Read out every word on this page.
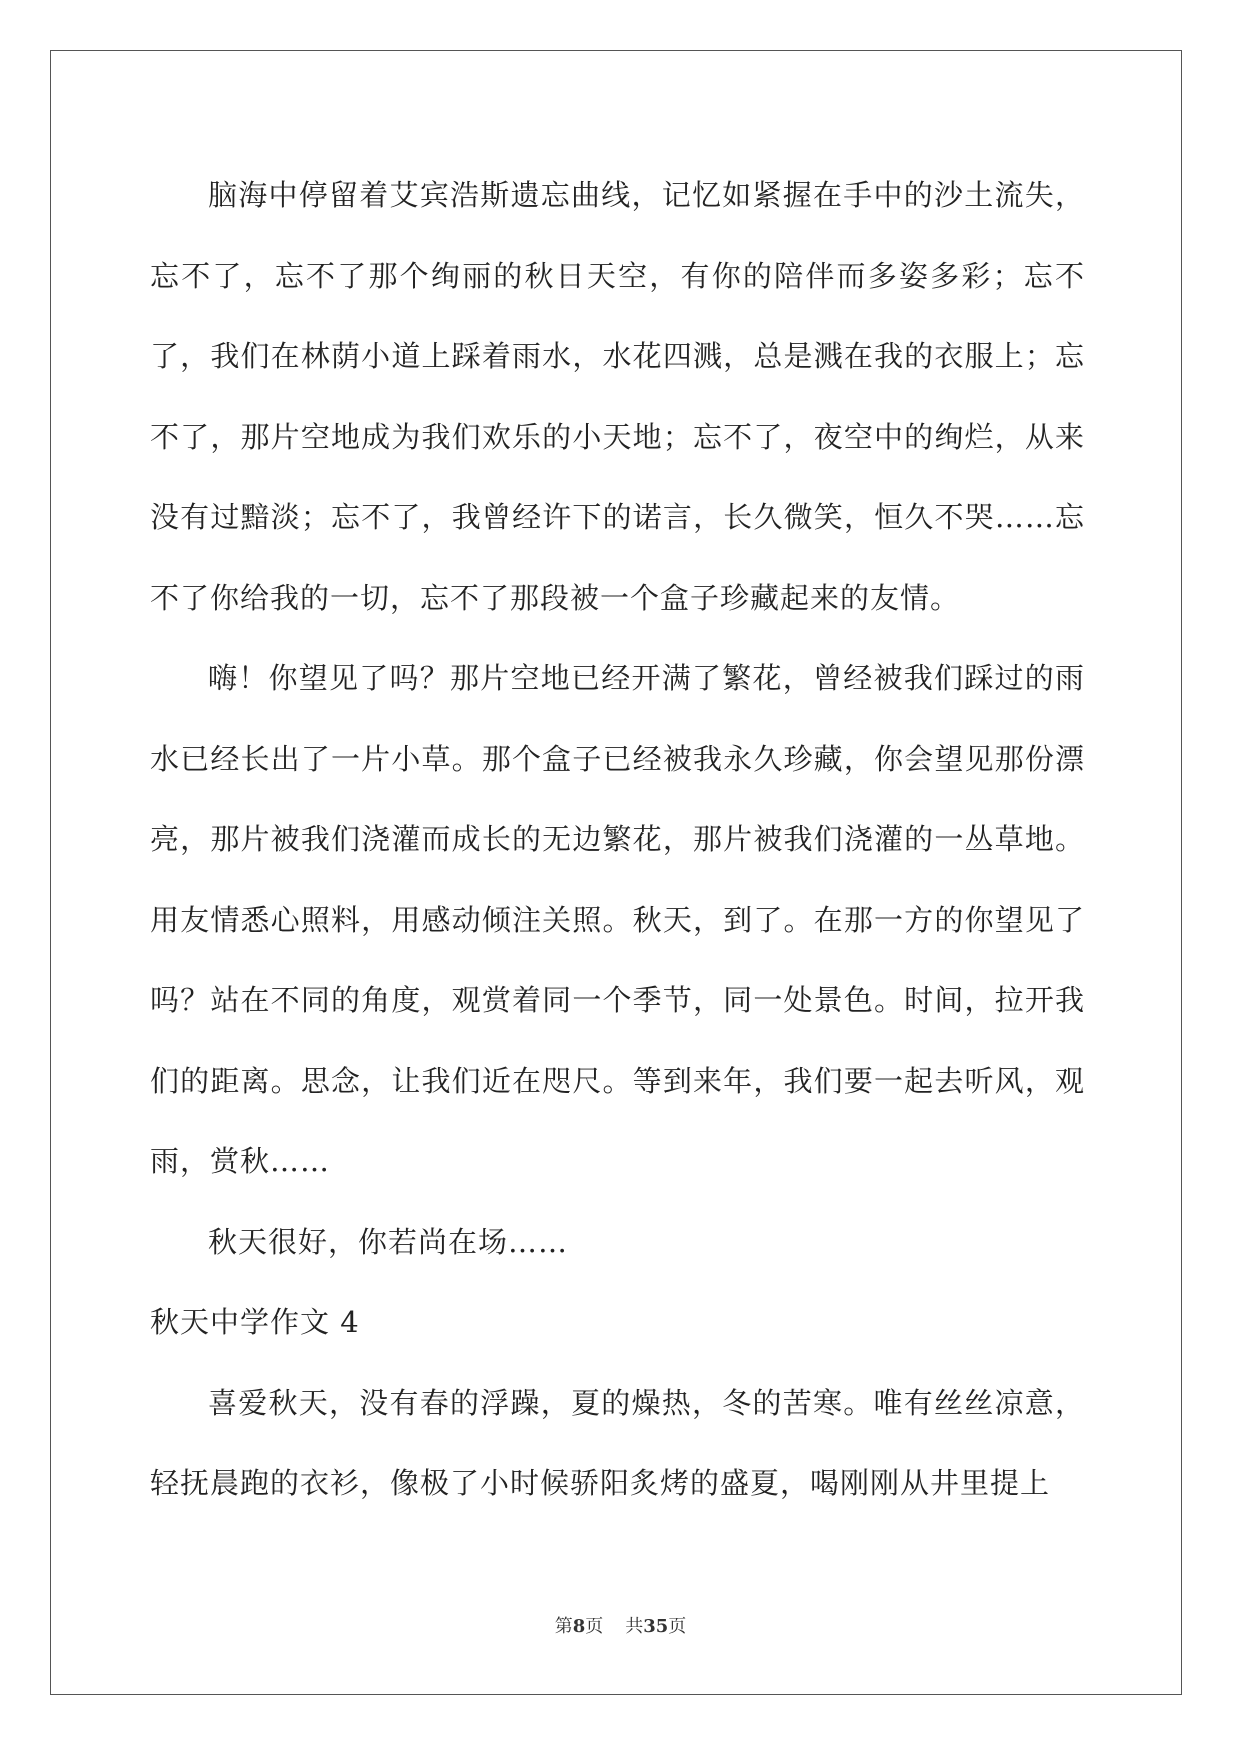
脑海中停留着艾宾浩斯遗忘曲线，记忆如紧握在手中的沙土流失，忘不了，忘不了那个绚丽的秋日天空，有你的陪伴而多姿多彩；忘不了，我们在林荫小道上踩着雨水，水花四溅，总是溅在我的衣服上；忘不了，那片空地成为我们欢乐的小天地；忘不了，夜空中的绚烂，从来没有过黯淡；忘不了，我曾经许下的诺言，长久微笑，恒久不哭……忘不了你给我的一切，忘不了那段被一个盒子珍藏起来的友情。

嗨！你望见了吗？那片空地已经开满了繁花，曾经被我们踩过的雨水已经长出了一片小草。那个盒子已经被我永久珍藏，你会望见那份漂亮，那片被我们浇灌而成长的无边繁花，那片被我们浇灌的一丛草地。用友情悉心照料，用感动倾注关照。秋天，到了。在那一方的你望见了吗？站在不同的角度，观赏着同一个季节，同一处景色。时间，拉开我们的距离。思念，让我们近在咫尺。等到来年，我们要一起去听风，观雨，赏秋……

秋天很好，你若尚在场……

秋天中学作文 4

喜爱秋天，没有春的浮躁，夏的燥热，冬的苦寒。唯有丝丝凉意，轻抚晨跑的衣衫，像极了小时候骄阳炙烤的盛夏，喝刚刚从井里提上

第8页 共35页
